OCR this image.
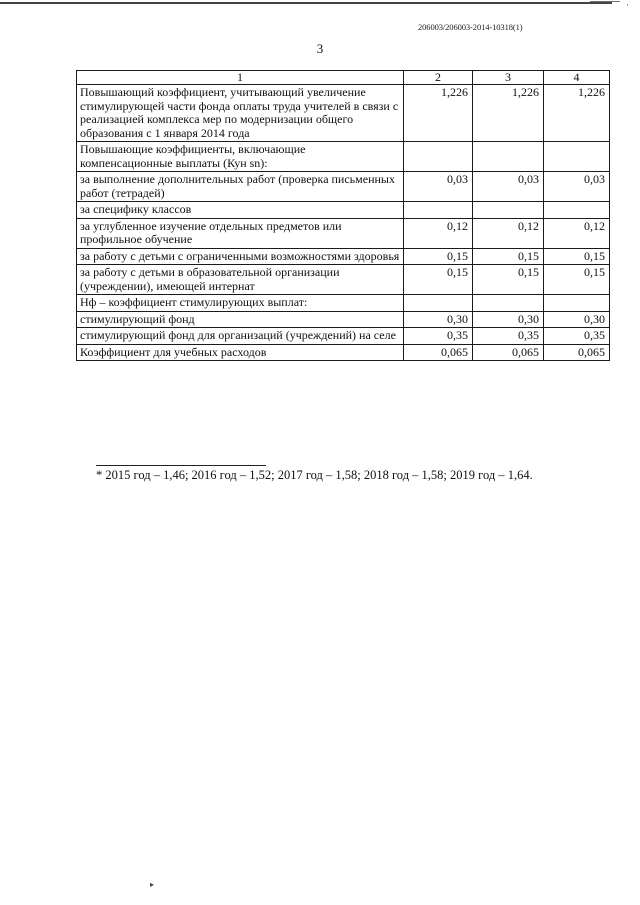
·
206003/206003-2014-10318(1)
3
1	2	3	4
Повышающий коэффициент, учитывающий увеличение стимулирующей части фонда оплаты труда учителей в связи с реализацией комплекса мер по модернизации общего образования с 1 января 2014 года	1,226	1,226	1,226
Повышающие коэффициенты, включающие компенсационные выплаты (Кун sn):			
за выполнение дополнительных работ (проверка письменных работ (тетрадей)	0,03	0,03	0,03
за специфику классов			
за углубленное изучение отдельных предметов или профильное обучение	0,12	0,12	0,12
за работу с детьми с ограниченными возможностями здоровья	0,15	0,15	0,15
за работу с детьми в образовательной организации (учреждении), имеющей интернат	0,15	0,15	0,15
Нф – коэффициент стимулирующих выплат:			
стимулирующий фонд	0,30	0,30	0,30
стимулирующий фонд для организаций (учреждений) на селе	0,35	0,35	0,35
Коэффициент для учебных расходов	0,065	0,065	0,065
* 2015 год – 1,46; 2016 год – 1,52; 2017 год – 1,58; 2018 год – 1,58; 2019 год – 1,64.
▸
